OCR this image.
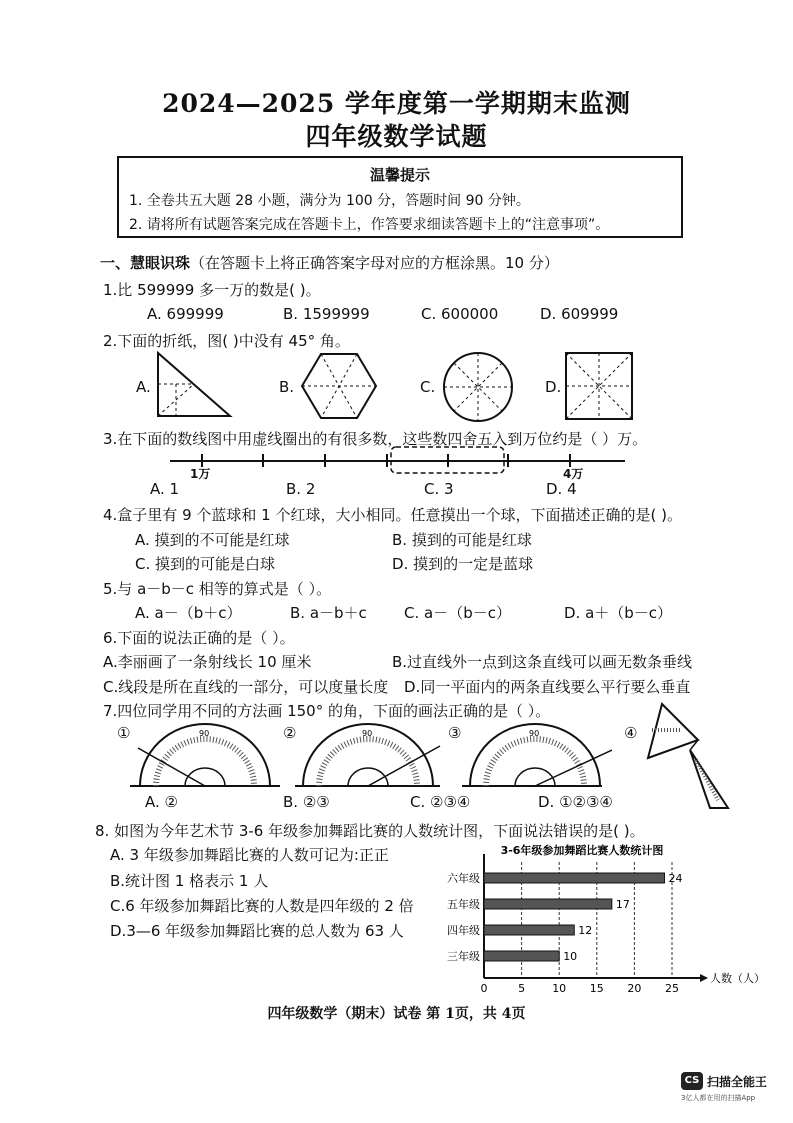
2024—2025 学年度第一学期期末监测
四年级数学试题
温馨提示
1. 全卷共五大题 28 小题，满分为 100 分，答题时间 90 分钟。
2. 请将所有试题答案完成在答题卡上，作答要求细读答题卡上的“注意事项”。
一、慧眼识珠（在答题卡上将正确答案字母对应的方框涂黑。10 分）
1.比 599999 多一万的数是( )。
A. 699999	B. 1599999	C. 600000	D. 609999
2.下面的折纸，图( )中没有 45° 角。
A.	B.	C.	D.
3.在下面的数线图中用虚线圈出的有很多数，这些数四舍五入到万位约是（ ）万。
1万	4万
A. 1	B. 2	C. 3	D. 4
4.盒子里有 9 个蓝球和 1 个红球，大小相同。任意摸出一个球，下面描述正确的是( )。
A. 摸到的不可能是红球	B. 摸到的可能是红球
C. 摸到的可能是白球	D. 摸到的一定是蓝球
5.与 a－b－c 相等的算式是（ ）。
A. a－（b＋c）	B. a－b＋c C. a－（b－c）	D. a＋（b－c）
6.下面的说法正确的是（ ）。
A.李丽画了一条射线长 10 厘米	B.过直线外一点到这条直线可以画无数条垂线
C.线段是所在直线的一部分，可以度量长度 D.同一平面内的两条直线要么平行要么垂直
7.四位同学用不同的方法画 150° 的角，下面的画法正确的是（ ）。
①	②	③	④
90	90	90
A. ②	B. ②③	C. ②③④	D. ①②③④
8. 如图为今年艺术节 3-6 年级参加舞蹈比赛的人数统计图，下面说法错误的是( )。
A. 3 年级参加舞蹈比赛的人数可记为:正正
B.统计图 1 格表示 1 人
C.6 年级参加舞蹈比赛的人数是四年级的 2 倍
D.3—6 年级参加舞蹈比赛的总人数为 63 人
3-6年级参加舞蹈比赛人数统计图
0	5 10 15 20 25
人数（人）
六年级	24
五年级	17
四年级	12
三年级	10
四年级数学（期末）试卷 第 1页，共 4页
CS 扫描全能王
3亿人都在用的扫描App
